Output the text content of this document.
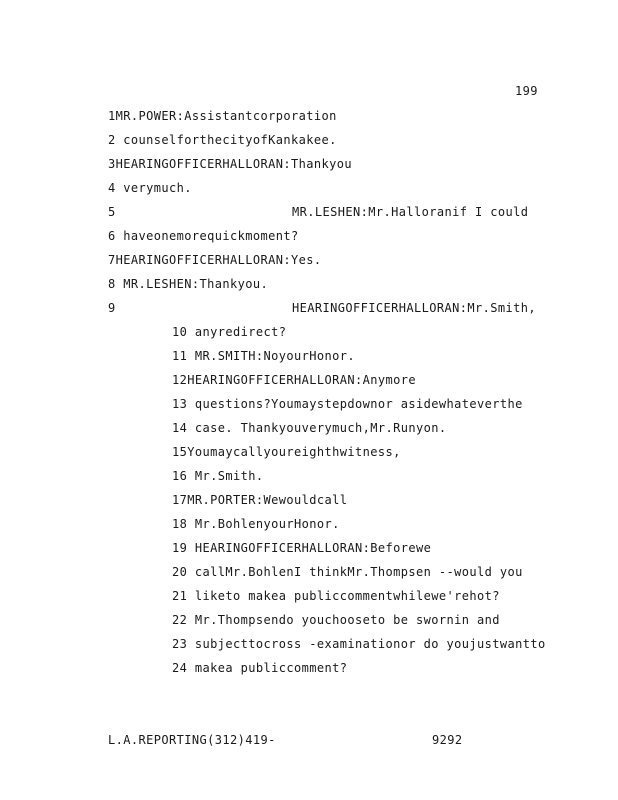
199
1MR.POWER:Assistantcorporation
2 counselforthecityofKankakee.
3HEARINGOFFICERHALLORAN:Thankyou
4 verymuch.
5	MR.LESHEN:Mr.Halloranif I could
6 haveonemorequickmoment?
7HEARINGOFFICERHALLORAN:Yes.
8 MR.LESHEN:Thankyou.
9	HEARINGOFFICERHALLORAN:Mr.Smith,
10 anyredirect?
11 MR.SMITH:NoyourHonor.
12HEARINGOFFICERHALLORAN:Anymore
13 questions?Youmaystepdownor asidewhateverthe
14 case. Thankyouverymuch,Mr.Runyon.
15Youmaycallyoureighthwitness,
16 Mr.Smith.
17MR.PORTER:Wewouldcall
18 Mr.BohlenyourHonor.
19 HEARINGOFFICERHALLORAN:Beforewe
20 callMr.BohlenI thinkMr.Thompsen --would you
21 liketo makea publiccommentwhilewe'rehot?
22 Mr.Thompsendo youchooseto be swornin and
23 subjecttocross -examinationor do youjustwantto
24 makea publiccomment?
L.A.REPORTING(312)419-	9292
